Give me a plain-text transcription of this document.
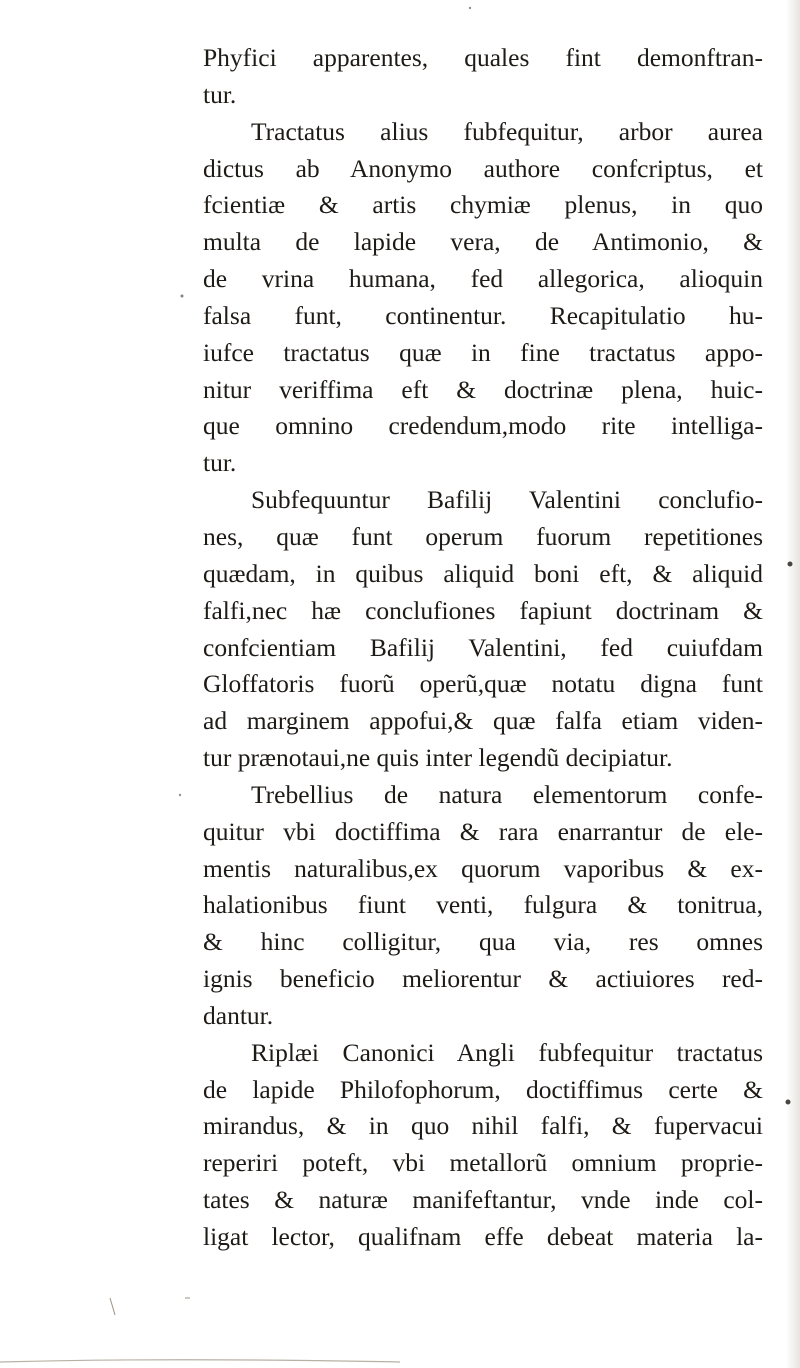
Phyfici apparentes, quales fint demonftran-
tur.
Tractatus alius fubfequitur, arbor aurea
dictus ab Anonymo authore confcriptus, et
fcientiæ & artis chymiæ plenus, in quo
multa de lapide vera, de Antimonio, &
de vrina humana, fed allegorica, alioquin
falsa funt, continentur. Recapitulatio hu-
iufce tractatus quæ in fine tractatus appo-
nitur veriffima eft & doctrinæ plena, huic-
que omnino credendum,modo rite intelliga-
tur.
Subfequuntur Bafilij Valentini conclufio-
nes, quæ funt operum fuorum repetitiones
quædam, in quibus aliquid boni eft, & aliquid
falfi,nec hæ conclufiones fapiunt doctrinam &
confcientiam Bafilij Valentini, fed cuiufdam
Gloffatoris fuorũ operũ,quæ notatu digna funt
ad marginem appofui,& quæ falfa etiam viden-
tur prænotaui,ne quis inter legendũ decipiatur.
Trebellius de natura elementorum confe-
quitur vbi doctiffima & rara enarrantur de ele-
mentis naturalibus,ex quorum vaporibus & ex-
halationibus fiunt venti, fulgura & tonitrua,
& hinc colligitur, qua via, res omnes
ignis beneficio meliorentur & actiuiores red-
dantur.
Riplæi Canonici Angli fubfequitur tractatus
de lapide Philofophorum, doctiffimus certe &
mirandus, & in quo nihil falfi, & fupervacui
reperiri poteft, vbi metallorũ omnium proprie-
tates & naturæ manifeftantur, vnde inde col-
ligat lector, qualifnam effe debeat materia la-
